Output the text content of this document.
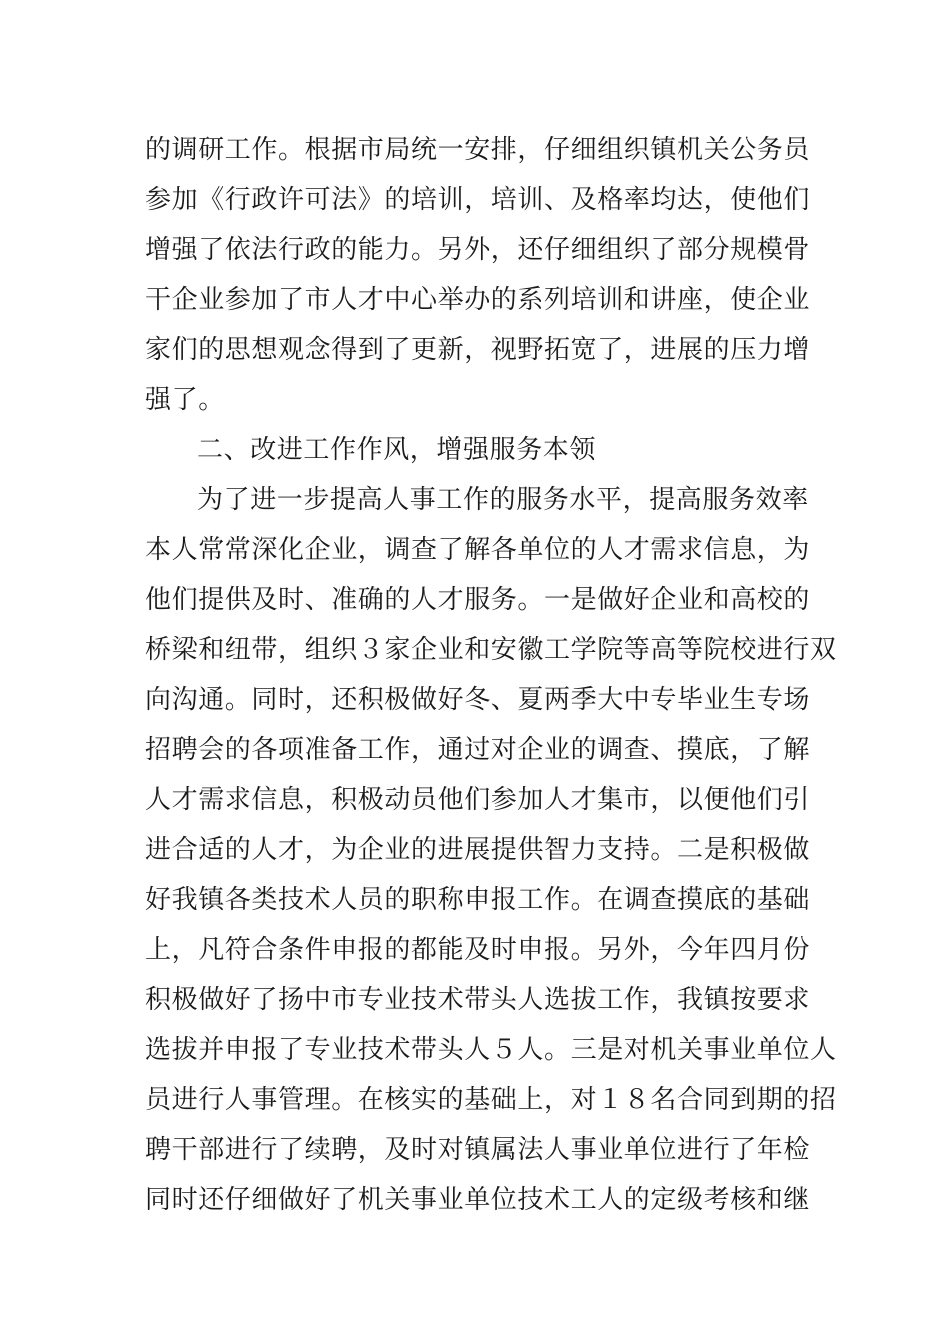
的调研工作。根据市局统一安排，仔细组织镇机关公务员
参加《行政许可法》的培训，培训、及格率均达，使他们
增强了依法行政的能力。另外，还仔细组织了部分规模骨
干企业参加了市人才中心举办的系列培训和讲座，使企业
家们的思想观念得到了更新，视野拓宽了，进展的压力增
强了。
二、改进工作作风，增强服务本领
为了进一步提高人事工作的服务水平，提高服务效率
本人常常深化企业，调查了解各单位的人才需求信息，为
他们提供及时、准确的人才服务。一是做好企业和高校的
桥梁和纽带，组织３家企业和安徽工学院等高等院校进行双
向沟通。同时，还积极做好冬、夏两季大中专毕业生专场
招聘会的各项准备工作，通过对企业的调查、摸底，了解
人才需求信息，积极动员他们参加人才集市，以便他们引
进合适的人才，为企业的进展提供智力支持。二是积极做
好我镇各类技术人员的职称申报工作。在调查摸底的基础
上，凡符合条件申报的都能及时申报。另外，今年四月份
积极做好了扬中市专业技术带头人选拔工作，我镇按要求
选拔并申报了专业技术带头人５人。三是对机关事业单位人
员进行人事管理。在核实的基础上，对１８名合同到期的招
聘干部进行了续聘，及时对镇属法人事业单位进行了年检
同时还仔细做好了机关事业单位技术工人的定级考核和继
